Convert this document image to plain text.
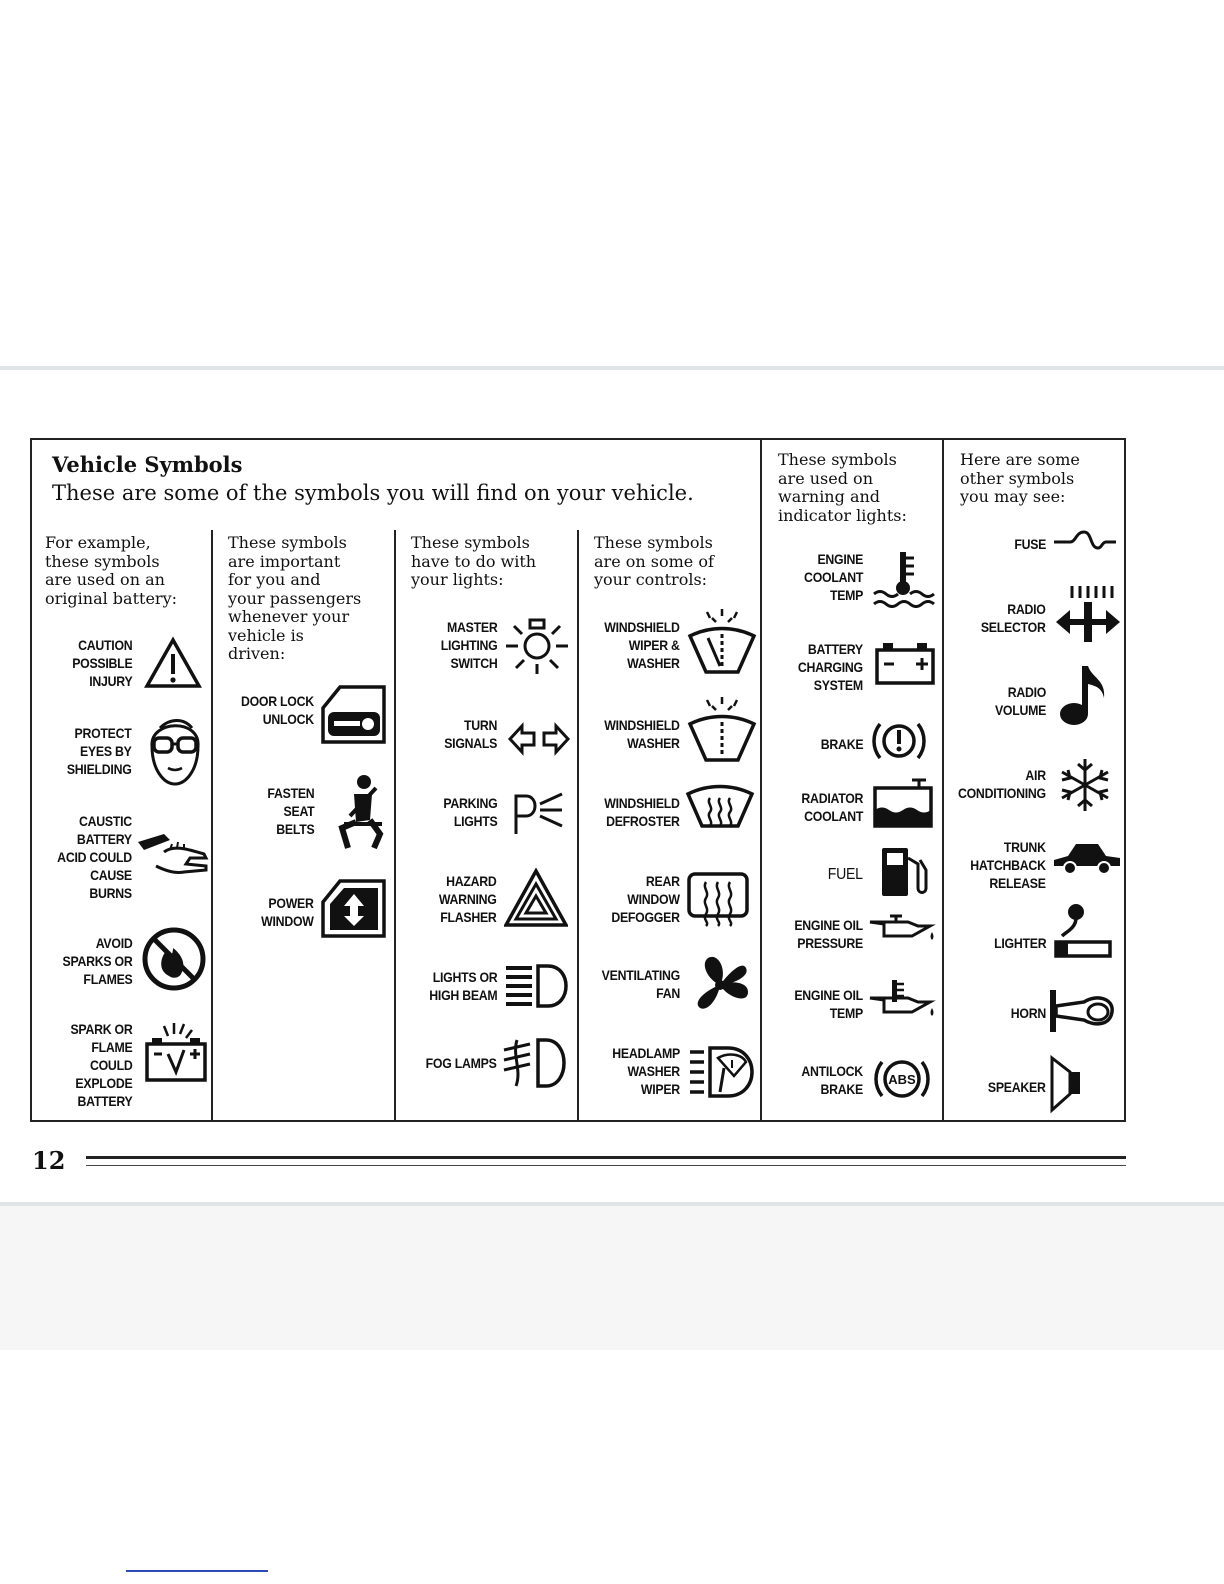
Vehicle Symbols
These are some of the symbols you will find on your vehicle.
For example,
these symbols
are used on an
original battery:
These symbols
are important
for you and
your passengers
whenever your
vehicle is
driven:
These symbols
have to do with
your lights:
These symbols
are on some of
your controls:
These symbols
are used on
warning and
indicator lights:
Here are some
other symbols
you may see:
CAUTION
POSSIBLE
INJURY
PROTECT
EYES BY
SHIELDING
CAUSTIC
BATTERY
ACID COULD
CAUSE
BURNS
AVOID
SPARKS OR
FLAMES
SPARK OR
FLAME
COULD
EXPLODE
BATTERY
DOOR LOCK
UNLOCK
FASTEN
SEAT
BELTS
POWER
WINDOW
MASTER
LIGHTING
SWITCH
TURN
SIGNALS
PARKING
LIGHTS
HAZARD
WARNING
FLASHER
LIGHTS OR
HIGH BEAM
FOG LAMPS
WINDSHIELD
WIPER &
WASHER
WINDSHIELD
WASHER
WINDSHIELD
DEFROSTER
REAR
WINDOW
DEFOGGER
VENTILATING
FAN
HEADLAMP
WASHER
WIPER
ENGINE
COOLANT
TEMP
BATTERY
CHARGING
SYSTEM
BRAKE
RADIATOR
COOLANT
FUEL
ENGINE OIL
PRESSURE
ENGINE OIL
TEMP
ANTILOCK
BRAKE
ABS
FUSE
RADIO
SELECTOR
RADIO
VOLUME
AIR
CONDITIONING
TRUNK
HATCHBACK
RELEASE
LIGHTER
HORN
SPEAKER
12
